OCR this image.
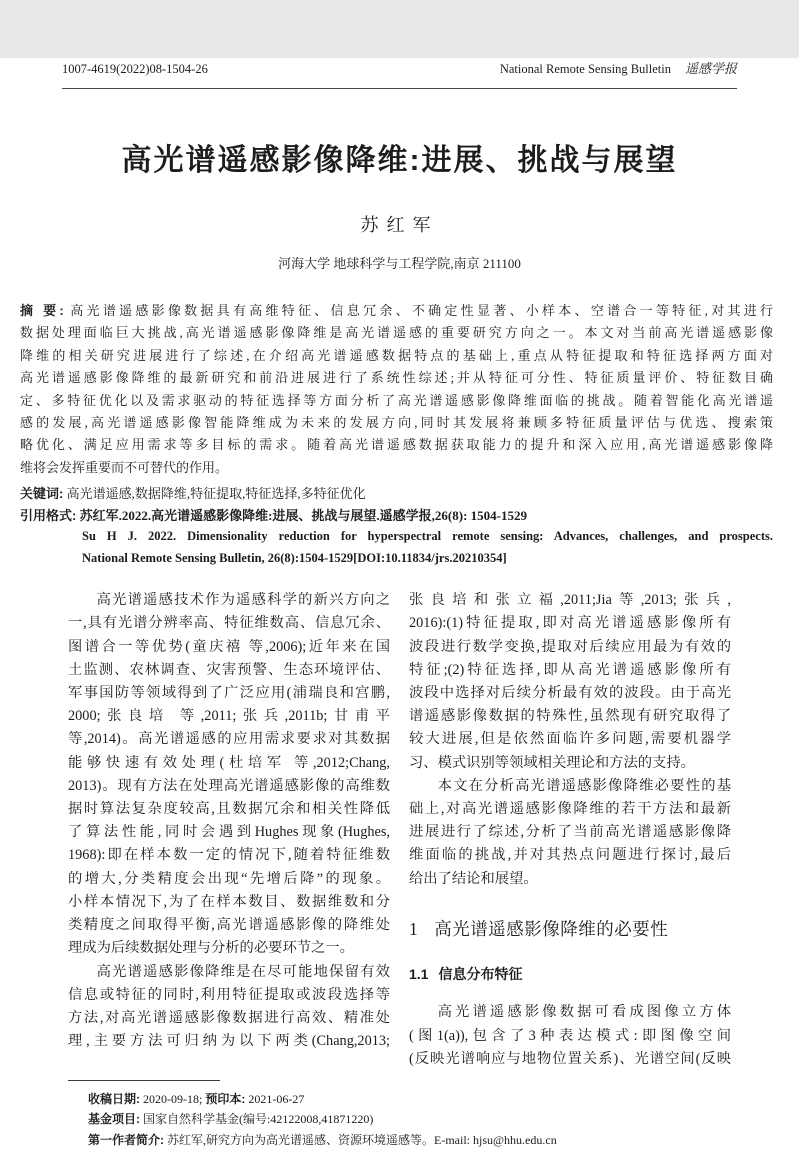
1007-4619(2022)08-1504-26	National Remote Sensing Bulletin 遥感学报
高光谱遥感影像降维:进展、挑战与展望
苏红军
河海大学 地球科学与工程学院,南京 211100
摘 要: 高光谱遥感影像数据具有高维特征、信息冗余、不确定性显著、小样本、空谱合一等特征,对其进行
数据处理面临巨大挑战,高光谱遥感影像降维是高光谱遥感的重要研究方向之一。本文对当前高光谱遥感影像
降维的相关研究进展进行了综述,在介绍高光谱遥感数据特点的基础上,重点从特征提取和特征选择两方面对
高光谱遥感影像降维的最新研究和前沿进展进行了系统性综述;并从特征可分性、特征质量评价、特征数目确
定、多特征优化以及需求驱动的特征选择等方面分析了高光谱遥感影像降维面临的挑战。随着智能化高光谱遥
感的发展,高光谱遥感影像智能降维成为未来的发展方向,同时其发展将兼顾多特征质量评估与优选、搜索策
略优化、满足应用需求等多目标的需求。随着高光谱遥感数据获取能力的提升和深入应用,高光谱遥感影像降
维将会发挥重要而不可替代的作用。
关键词: 高光谱遥感,数据降维,特征提取,特征选择,多特征优化
引用格式: 苏红军.2022.高光谱遥感影像降维:进展、挑战与展望.遥感学报,26(8): 1504-1529
Su H J. 2022. Dimensionality reduction for hyperspectral remote sensing: Advances, challenges, and prospects.
National Remote Sensing Bulletin, 26(8):1504-1529[DOI:10.11834/jrs.20210354]
高光谱遥感技术作为遥感科学的新兴方向之
一,具有光谱分辨率高、特征维数高、信息冗余、
图谱合一等优势(童庆禧 等,2006);近年来在国
土监测、农林调查、灾害预警、生态环境评估、
军事国防等领域得到了广泛应用(浦瑞良和宫鹏,
2000;张良培 等,2011;张兵,2011b;甘甫平
等,2014)。高光谱遥感的应用需求要求对其数据
能够快速有效处理(杜培军 等,2012;Chang,
2013)。现有方法在处理高光谱遥感影像的高维数
据时算法复杂度较高,且数据冗余和相关性降低
了算法性能,同时会遇到Hughes现象(Hughes,
1968):即在样本数一定的情况下,随着特征维数
的增大,分类精度会出现“先增后降”的现象。
小样本情况下,为了在样本数目、数据维数和分
类精度之间取得平衡,高光谱遥感影像的降维处
理成为后续数据处理与分析的必要环节之一。
高光谱遥感影像降维是在尽可能地保留有效
信息或特征的同时,利用特征提取或波段选择等
方法,对高光谱遥感影像数据进行高效、精准处
理,主要方法可归纳为以下两类(Chang,2013;
张良培和张立福,2011;Jia等,2013;张兵,
2016):(1)特征提取,即对高光谱遥感影像所有
波段进行数学变换,提取对后续应用最为有效的
特征;(2)特征选择,即从高光谱遥感影像所有
波段中选择对后续分析最有效的波段。由于高光
谱遥感影像数据的特殊性,虽然现有研究取得了
较大进展,但是依然面临许多问题,需要机器学
习、模式识别等领域相关理论和方法的支持。
本文在分析高光谱遥感影像降维必要性的基
础上,对高光谱遥感影像降维的若干方法和最新
进展进行了综述,分析了当前高光谱遥感影像降
维面临的挑战,并对其热点问题进行探讨,最后
给出了结论和展望。
1 高光谱遥感影像降维的必要性
1.1 信息分布特征
高光谱遥感影像数据可看成图像立方体
(图1(a)),包含了3种表达模式:即图像空间
(反映光谱响应与地物位置关系)、光谱空间(反映
收稿日期: 2020-09-18; 预印本: 2021-06-27
基金项目: 国家自然科学基金(编号:42122008,41871220)
第一作者简介: 苏红军,研究方向为高光谱遥感、资源环境遥感等。E-mail: hjsu@hhu.edu.cn
